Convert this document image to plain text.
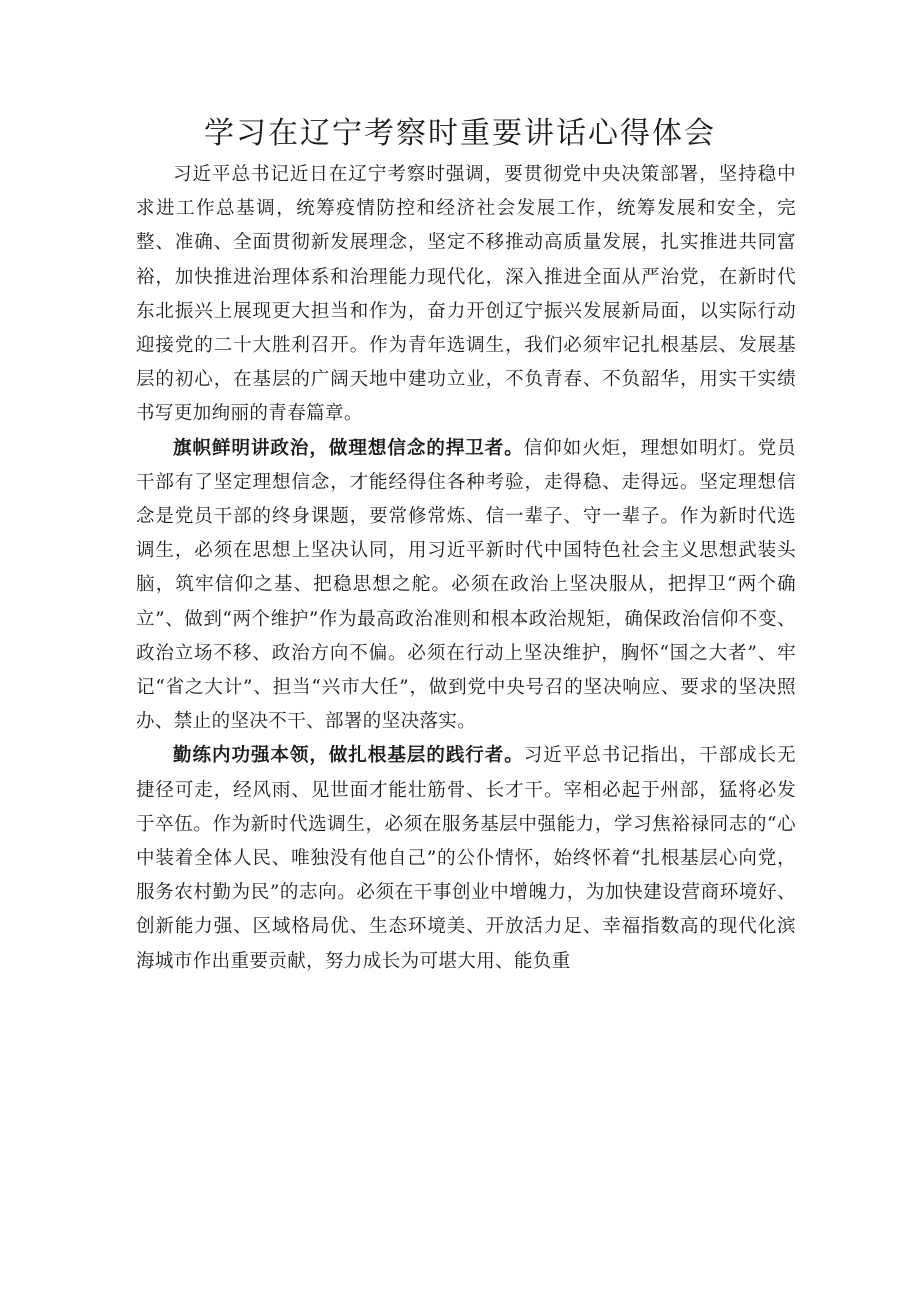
学习在辽宁考察时重要讲话心得体会

习近平总书记近日在辽宁考察时强调，要贯彻党中央决策部署，坚持稳中求进工作总基调，统筹疫情防控和经济社会发展工作，统筹发展和安全，完整、准确、全面贯彻新发展理念，坚定不移推动高质量发展，扎实推进共同富裕，加快推进治理体系和治理能力现代化，深入推进全面从严治党，在新时代东北振兴上展现更大担当和作为，奋力开创辽宁振兴发展新局面，以实际行动迎接党的二十大胜利召开。作为青年选调生，我们必须牢记扎根基层、发展基层的初心，在基层的广阔天地中建功立业，不负青春、不负韶华，用实干实绩书写更加绚丽的青春篇章。

旗帜鲜明讲政治，做理想信念的捍卫者。信仰如火炬，理想如明灯。党员干部有了坚定理想信念，才能经得住各种考验，走得稳、走得远。坚定理想信念是党员干部的终身课题，要常修常炼、信一辈子、守一辈子。作为新时代选调生，必须在思想上坚决认同，用习近平新时代中国特色社会主义思想武装头脑，筑牢信仰之基、把稳思想之舵。必须在政治上坚决服从，把捍卫“两个确立”、做到“两个维护”作为最高政治准则和根本政治规矩，确保政治信仰不变、政治立场不移、政治方向不偏。必须在行动上坚决维护，胸怀“国之大者”、牢记“省之大计”、担当“兴市大任”，做到党中央号召的坚决响应、要求的坚决照办、禁止的坚决不干、部署的坚决落实。

勤练内功强本领，做扎根基层的践行者。习近平总书记指出，干部成长无捷径可走，经风雨、见世面才能壮筋骨、长才干。宰相必起于州部，猛将必发于卒伍。作为新时代选调生，必须在服务基层中强能力，学习焦裕禄同志的“心中装着全体人民、唯独没有他自己”的公仆情怀，始终怀着“扎根基层心向党，服务农村勤为民”的志向。必须在干事创业中增魄力，为加快建设营商环境好、创新能力强、区域格局优、生态环境美、开放活力足、幸福指数高的现代化滨海城市作出重要贡献，努力成长为可堪大用、能负重
